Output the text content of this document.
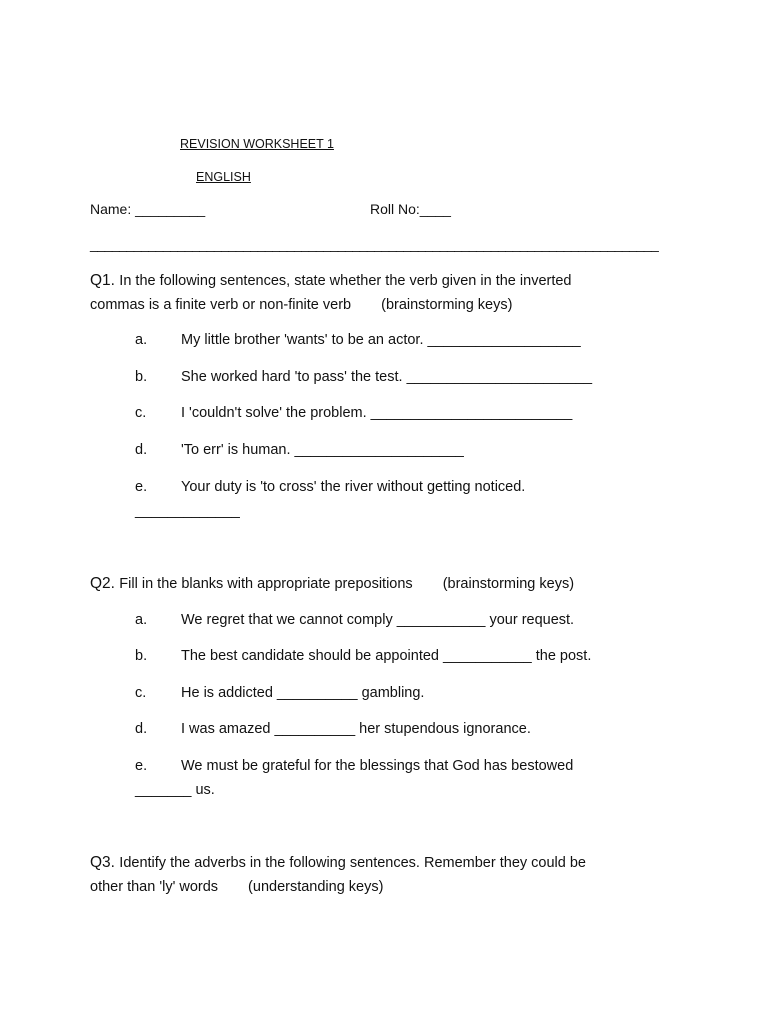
REVISION WORKSHEET 1
ENGLISH
Name: _________	Roll No:____
______________________________________________________________________________
Q1. In the following sentences, state whether the verb given in the inverted
commas is a finite verb or non-finite verb (brainstorming keys)
a. My little brother 'wants' to be an actor. ___________________
b. She worked hard 'to pass' the test. _______________________
c. I 'couldn't solve' the problem. _________________________
d. 'To err' is human. _____________________
e. Your duty is 'to cross' the river without getting noticed.
_____________
Q2. Fill in the blanks with appropriate prepositions (brainstorming keys)
a. We regret that we cannot comply ___________ your request.
b. The best candidate should be appointed ___________ the post.
c. He is addicted __________ gambling.
d. I was amazed __________ her stupendous ignorance.
e. We must be grateful for the blessings that God has bestowed
_______ us.
Q3. Identify the adverbs in the following sentences. Remember they could be
other than 'ly' words (understanding keys)
